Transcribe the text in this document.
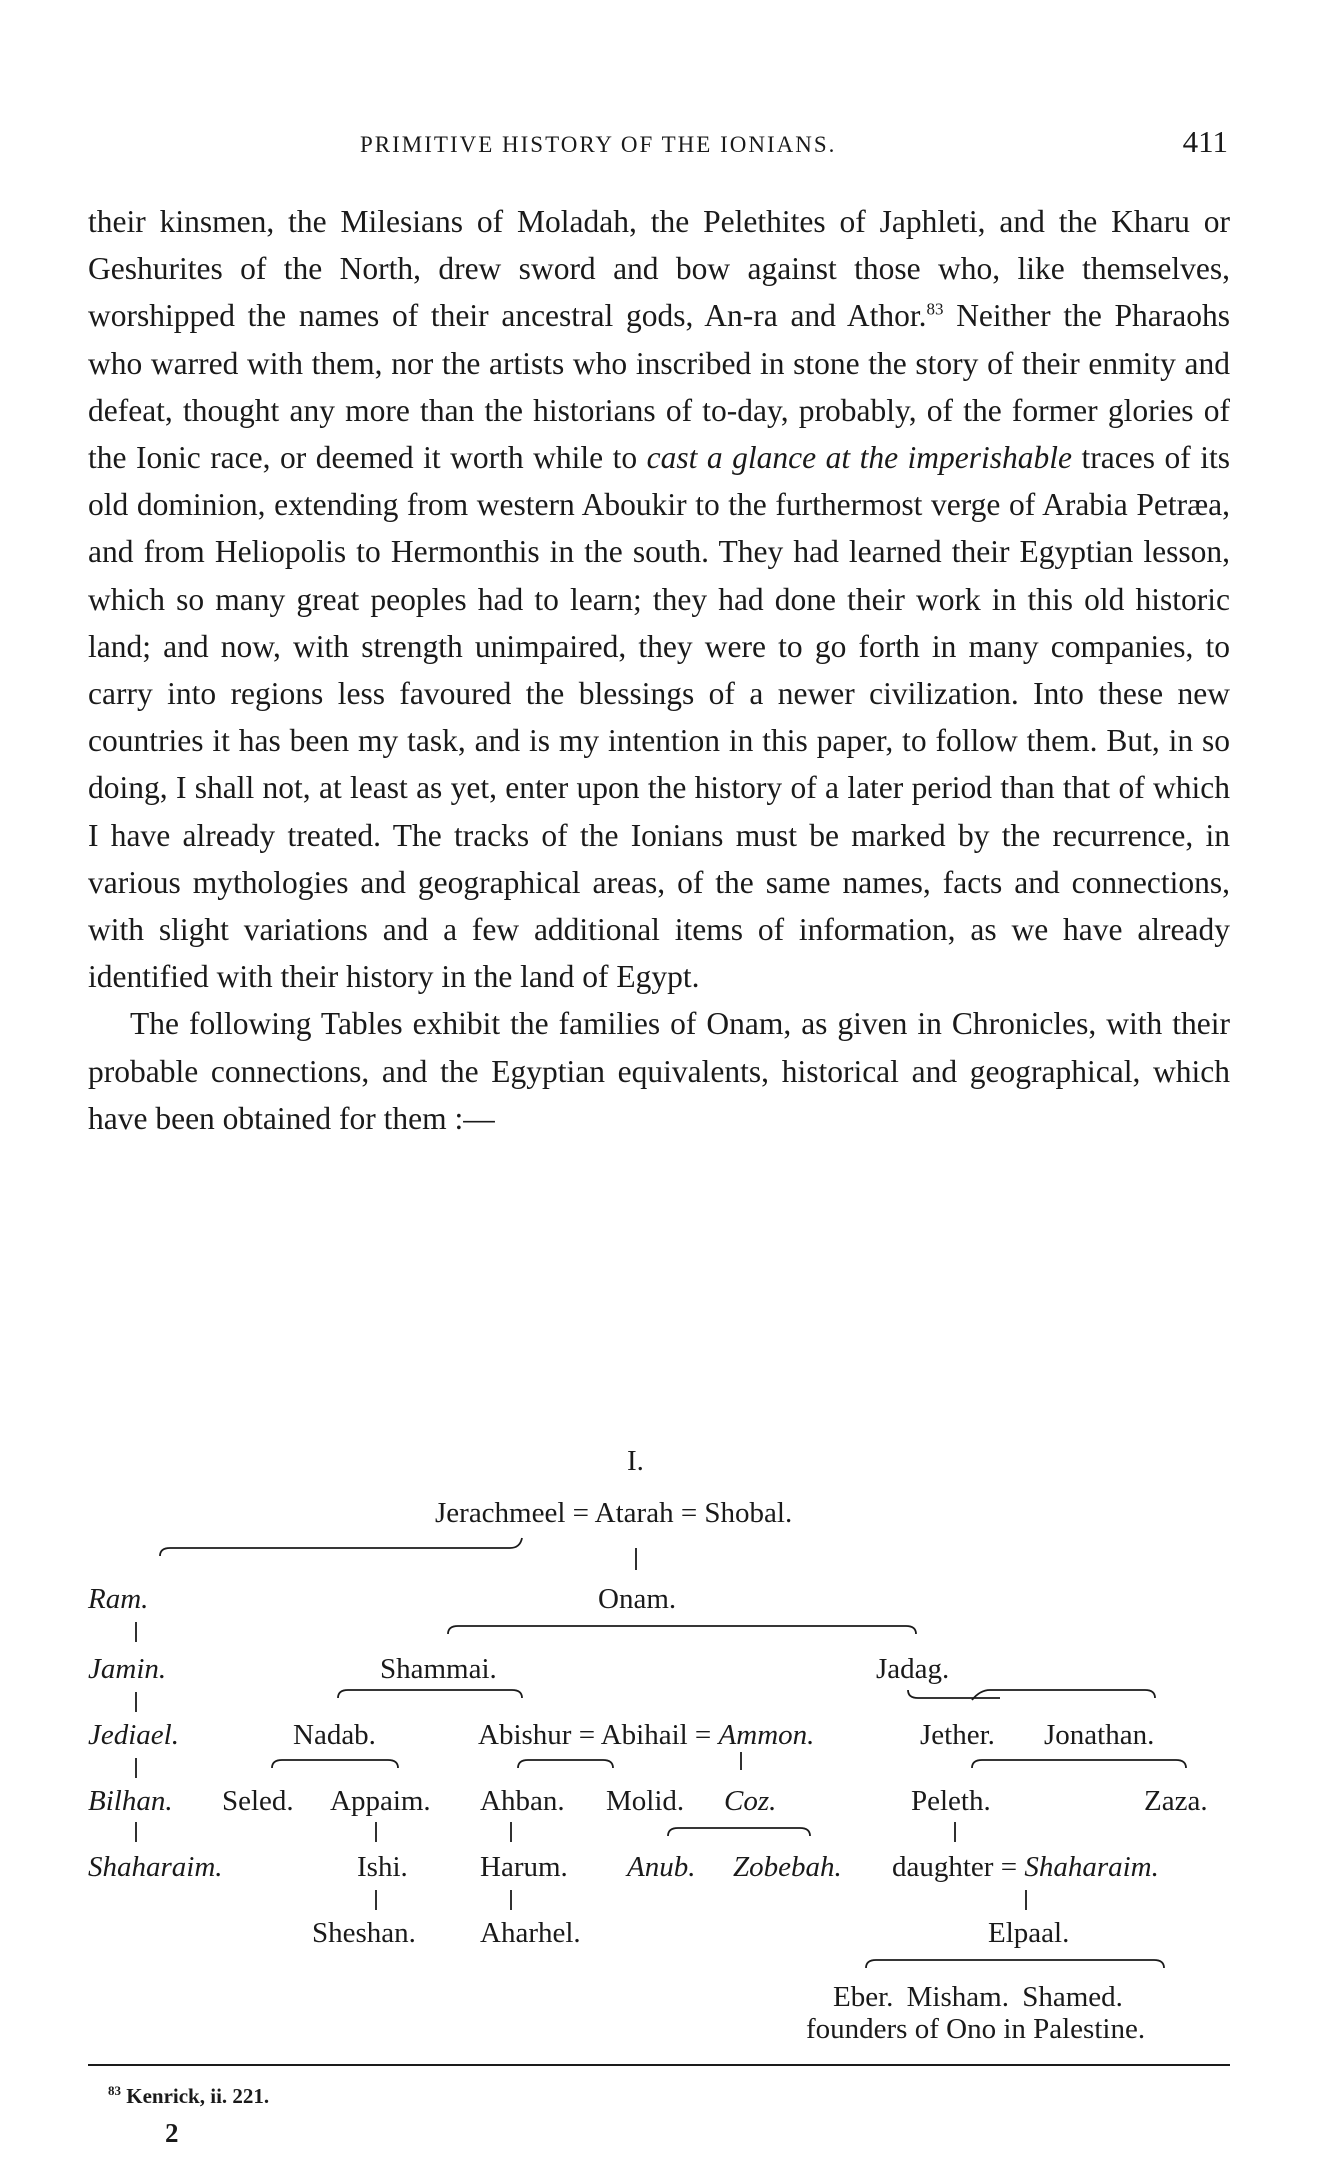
PRIMITIVE HISTORY OF THE IONIANS.	411

their kinsmen, the Milesians of Moladah, the Pelethites of Japhleti, and the Kharu or Geshurites of the North, drew sword and bow against those who, like themselves, worshipped the names of their ancestral gods, An-ra and Athor.$^{83}$ Neither the Pharaohs who warred with them, nor the artists who inscribed in stone the story of their enmity and defeat, thought any more than the historians of to-day, probably, of the former glories of the Ionic race, or deemed it worth while to cast a glance at the imperishable traces of its old dominion, extending from western Aboukir to the furthermost verge of Arabia Petræa, and from Heliopolis to Hermonthis in the south. They had learned their Egyptian lesson, which so many great peoples had to learn; they had done their work in this old historic land; and now, with strength unimpaired, they were to go forth in many companies, to carry into regions less favoured the blessings of a newer civilization. Into these new countries it has been my task, and is my intention in this paper, to follow them. But, in so doing, I shall not, at least as yet, enter upon the history of a later period than that of which I have already treated. The tracks of the Ionians must be marked by the recurrence, in various mythologies and geographical areas, of the same names, facts and connections, with slight variations and a few additional items of information, as we have already identified with their history in the land of Egypt.

The following Tables exhibit the families of Onam, as given in Chronicles, with their probable connections, and the Egyptian equivalents, historical and geographical, which have been obtained for them :—

I.
Jerachmeel = Atarah = Shobal.
Ram.	Onam.
Jamin.	Shammai.	Jadag.
Jediael.	Nadab.	Abishur = Abihail = Ammon.	Jether. Jonathan.
Bilhan. Seled. Appaim. Ahban. Molid. Coz.	Peleth.	Zaza.
Shaharaim.	Ishi. Harum. Anub. Zobebah. daughter = Shaharaim.
Sheshan. Aharhel.	Elpaal.
Eber. Misham. Shamed.
founders of Ono in Palestine.
$^{83}$ Kenrick, ii. 221.
2
